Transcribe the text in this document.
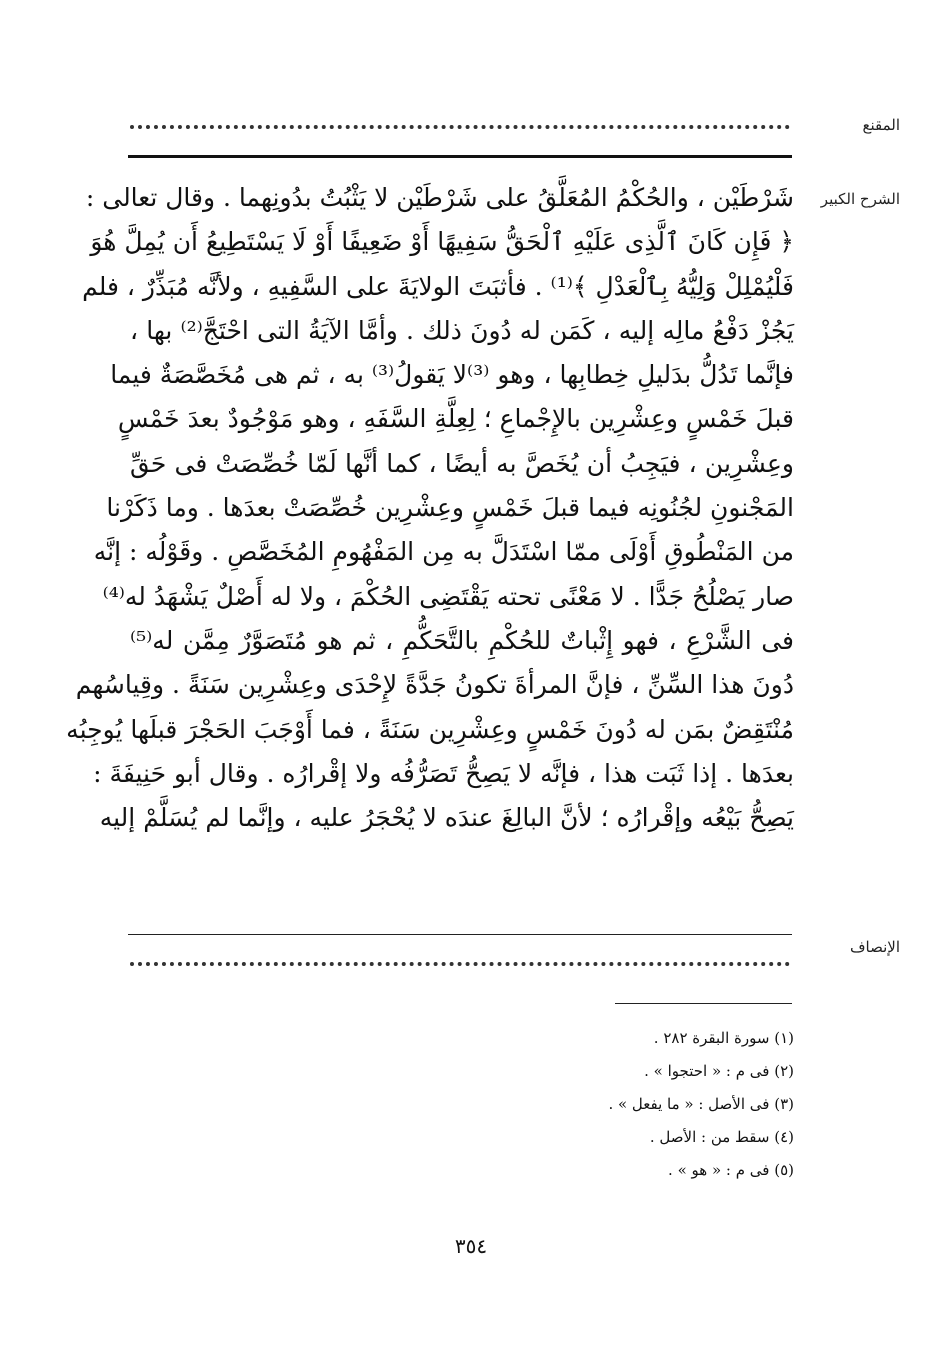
المقنع
الشرح الكبير
شَرْطَيْن ، والحُكْمُ المُعَلَّقُ على شَرْطَيْن لا يَثْبُتُ بدُونِهما . وقال تعالى :
﴿ فَإِن كَانَ ٱلَّذِى عَلَيْهِ ٱلْحَقُّ سَفِيهًا أَوْ ضَعِيفًا أَوْ لَا يَسْتَطِيعُ أَن يُمِلَّ هُوَ
فَلْيُمْلِلْ وَلِيُّهُ بِٱلْعَدْلِ ﴾⁽¹⁾ . فأثبَتَ الولايَةَ على السَّفِيهِ ، ولأنَّه مُبَذِّرٌ ، فلم
يَجُزْ دَفْعُ مالِه إليه ، كَمَن له دُونَ ذلك . وأمَّا الآيَةُ التى احْتَجَّ⁽²⁾ بها ،
فإنَّما تَدُلُّ بدَليلِ خِطابِها ، وهو ⁽³⁾لا يَقولُ⁽³⁾ به ، ثم هى مُخَصَّصَةٌ فيما
قبلَ خَمْسٍ وعِشْرِين بالإِجْماعِ ؛ لِعِلَّةِ السَّفَهِ ، وهو مَوْجُودٌ بعدَ خَمْسٍ
وعِشْرِين ، فيَجِبُ أن يُخَصَّ به أيضًا ، كما أنَّها لَمّا خُصِّصَتْ فى حَقِّ
المَجْنونِ لجُنُونِه فيما قبلَ خَمْسٍ وعِشْرِين خُصِّصَتْ بعدَها . وما ذَكَرْنا
من المَنْطُوقِ أَوْلَى ممّا اسْتَدَلَّ به مِن المَفْهُومِ المُخَصَّصِ . وقَوْلُه : إنَّه
صار يَصْلُحُ جَدًّا . لا مَعْنًى تحته يَقْتَضِى الحُكْمَ ، ولا له أَصْلٌ يَشْهَدُ له⁽⁴⁾
فى الشَّرْعِ ، فهو إِثْباتٌ للحُكْمِ بالتَّحَكُّمِ ، ثم هو مُتَصَوَّرٌ مِمَّن له⁽⁵⁾
دُونَ هذا السِّنِّ ، فإنَّ المرأةَ تكونُ جَدَّةً لإِحْدَى وعِشْرِين سَنَةً . وقِياسُهم
مُنْتَقِضٌ بمَن له دُونَ خَمْسٍ وعِشْرِين سَنَةً ، فما أَوْجَبَ الحَجْرَ قبلَها يُوجِبُه
بعدَها . إذا ثَبَت هذا ، فإنَّه لا يَصِحُّ تَصَرُّفُه ولا إقْرارُه . وقال أبو حَنِيفَةَ :
يَصِحُّ بَيْعُه وإقْرارُه ؛ لأنَّ البالِغَ عندَه لا يُحْجَرُ عليه ، وإنَّما لم يُسَلَّمْ إليه
الإنصاف
(١) سورة البقرة ٢٨٢ .
(٢) فى م : « احتجوا » .
(٣) فى الأصل : « ما يفعل » .
(٤) سقط من : الأصل .
(٥) فى م : « هو » .
٣٥٤
